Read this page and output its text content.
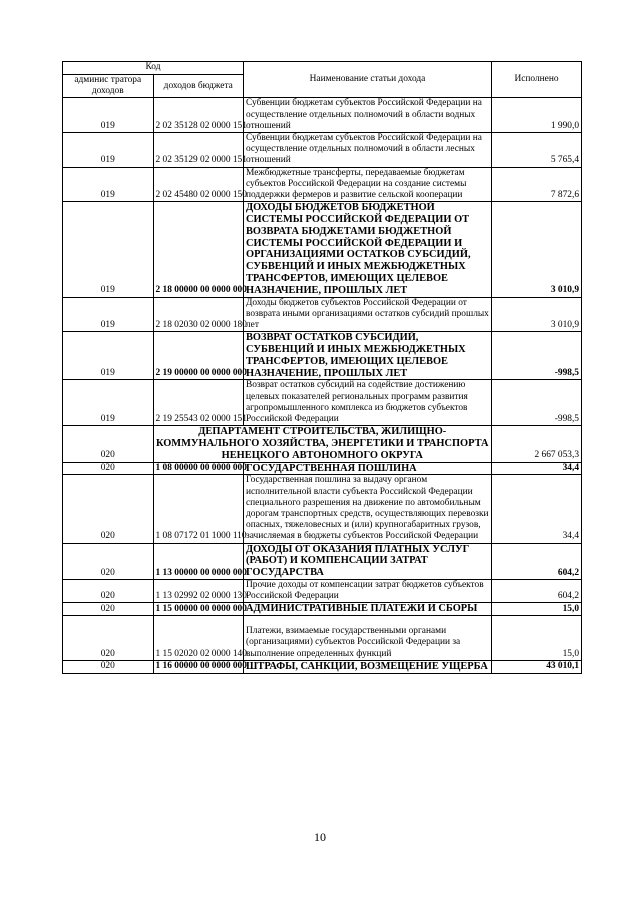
Код		Наименование статьи дохода	Исполнено
админис тратора доходов	доходов бюджета		
019	2 02 35128 02 0000 151	Субвенции бюджетам субъектов Российской Федерации на осуществление отдельных полномочий в области водных отношений	1 990,0
019	2 02 35129 02 0000 151	Субвенции бюджетам субъектов Российской Федерации на осуществление отдельных полномочий в области лесных отношений	5 765,4
019	2 02 45480 02 0000 150	Межбюджетные трансферты, передаваемые бюджетам субъектов Российской Федерации на создание системы поддержки фермеров и развитие сельской кооперации	7 872,6
019	2 18 00000 00 0000 000	ДОХОДЫ БЮДЖЕТОВ БЮДЖЕТНОЙ СИСТЕМЫ РОССИЙСКОЙ ФЕДЕРАЦИИ ОТ ВОЗВРАТА БЮДЖЕТАМИ БЮДЖЕТНОЙ СИСТЕМЫ РОССИЙСКОЙ ФЕДЕРАЦИИ И ОРГАНИЗАЦИЯМИ ОСТАТКОВ СУБСИДИЙ, СУБВЕНЦИЙ И ИНЫХ МЕЖБЮДЖЕТНЫХ ТРАНСФЕРТОВ, ИМЕЮЩИХ ЦЕЛЕВОЕ НАЗНАЧЕНИЕ, ПРОШЛЫХ ЛЕТ	3 010,9
019	2 18 02030 02 0000 180	Доходы бюджетов субъектов Российской Федерации от возврата иными организациями остатков субсидий прошлых лет	3 010,9
019	2 19 00000 00 0000 000	ВОЗВРАТ ОСТАТКОВ СУБСИДИЙ, СУБВЕНЦИЙ И ИНЫХ МЕЖБЮДЖЕТНЫХ ТРАНСФЕРТОВ, ИМЕЮЩИХ ЦЕЛЕВОЕ НАЗНАЧЕНИЕ, ПРОШЛЫХ ЛЕТ	-998,5
019	2 19 25543 02 0000 151	Возврат остатков субсидий на содействие достижению целевых показателей региональных программ развития агропромышленного комплекса из бюджетов субъектов Российской Федерации	-998,5
020	ДЕПАРТАМЕНТ СТРОИТЕЛЬСТВА, ЖИЛИЩНО-КОММУНАЛЬНОГО ХОЗЯЙСТВА, ЭНЕРГЕТИКИ И ТРАНСПОРТА НЕНЕЦКОГО АВТОНОМНОГО ОКРУГА		2 667 053,3
020	1 08 00000 00 0000 000	ГОСУДАРСТВЕННАЯ ПОШЛИНА	34,4
020	1 08 07172 01 1000 110	Государственная пошлина за выдачу органом исполнительной власти субъекта Российской Федерации специального разрешения на движение по автомобильным дорогам транспортных средств, осуществляющих перевозки опасных, тяжеловесных и (или) крупногабаритных грузов, зачисляемая в бюджеты субъектов Российской Федерации	34,4
020	1 13 00000 00 0000 000	ДОХОДЫ ОТ ОКАЗАНИЯ ПЛАТНЫХ УСЛУГ (РАБОТ) И КОМПЕНСАЦИИ ЗАТРАТ ГОСУДАРСТВА	604,2
020	1 13 02992 02 0000 130	Прочие доходы от компенсации затрат бюджетов субъектов Российской Федерации	604,2
020	1 15 00000 00 0000 000	АДМИНИСТРАТИВНЫЕ ПЛАТЕЖИ И СБОРЫ	15,0
020	1 15 02020 02 0000 140	Платежи, взимаемые государственными органами (организациями) субъектов Российской Федерации за выполнение определенных функций	15,0
020	1 16 00000 00 0000 000	ШТРАФЫ, САНКЦИИ, ВОЗМЕЩЕНИЕ УЩЕРБА	43 010,1
10
